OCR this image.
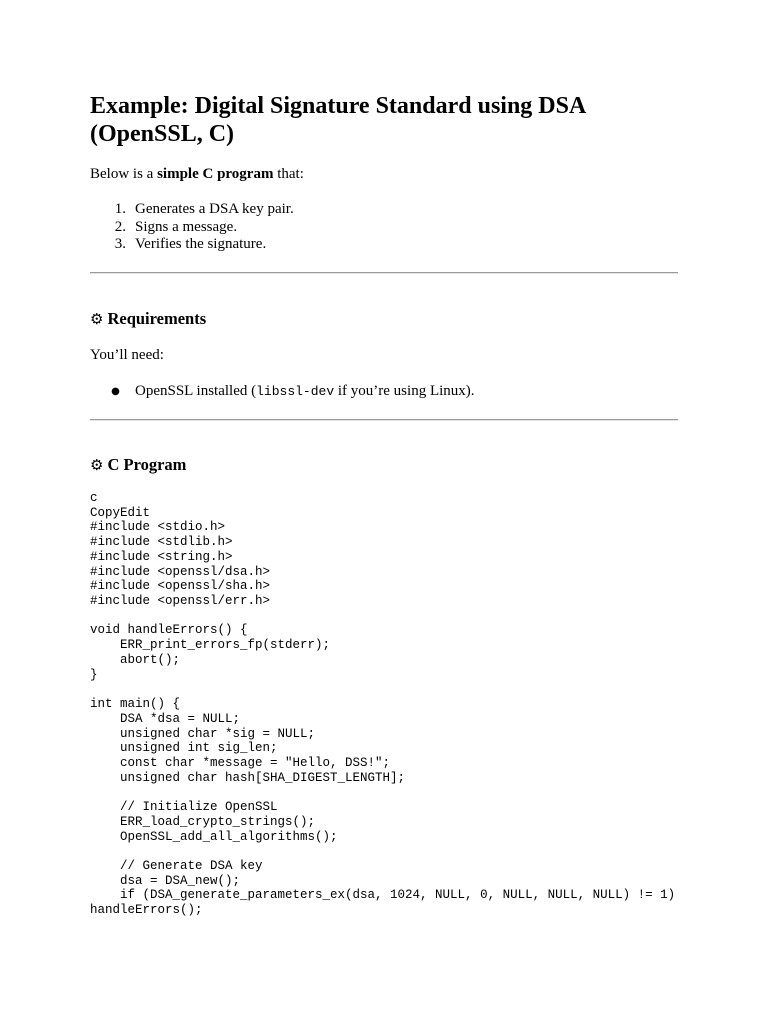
Example: Digital Signature Standard using DSA (OpenSSL, C)

Below is a simple C program that:

1. Generates a DSA key pair.
2. Signs a message.
3. Verifies the signature.
⚙ Requirements

You’ll need:

● OpenSSL installed (libssl-dev if you’re using Linux).
⚙ C Program
c
CopyEdit
#include <stdio.h>
#include <stdlib.h>
#include <string.h>
#include <openssl/dsa.h>
#include <openssl/sha.h>
#include <openssl/err.h>

void handleErrors() {
ERR_print_errors_fp(stderr);
abort();
}

int main() {
DSA *dsa = NULL;
unsigned char *sig = NULL;
unsigned int sig_len;
const char *message = "Hello, DSS!";
unsigned char hash[SHA_DIGEST_LENGTH];

// Initialize OpenSSL
ERR_load_crypto_strings();
OpenSSL_add_all_algorithms();

// Generate DSA key
dsa = DSA_new();
if (DSA_generate_parameters_ex(dsa, 1024, NULL, 0, NULL, NULL, NULL) != 1)
handleErrors();
